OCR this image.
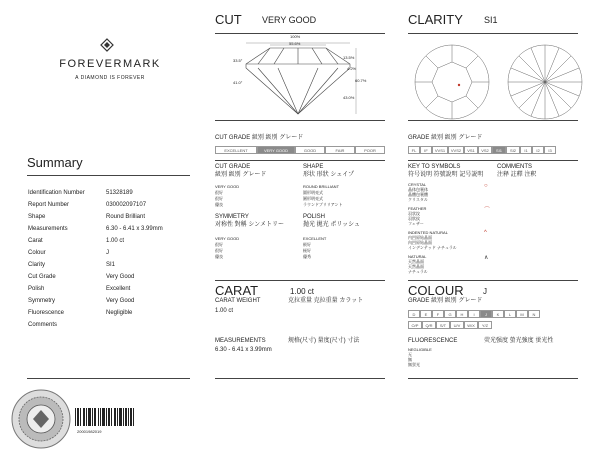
FOREVERMARK
A DIAMOND IS FOREVER
Summary
Identification Number	51328189
Report Number	030002097107
Shape	Round Brilliant
Measurements	6.30 - 6.41 x 3.99mm
Carat	1.00 ct
Colour	J
Clarity	SI1
Cut Grade	Very Good
Polish	Excellent
Symmetry	Very Good
Fluorescence	Negligible
Comments
20001982019
CUT VERY GOOD
100%
55.6%
33.5°
13.5%
4.2%
41.0°	60.7%
43.0%
CUT GRADE 級別 級別 グレード
EXCELLENT	VERY GOOD	GOOD	FAIR	POOR
CUT GRADE
級別 級別 グレード
VERY GOOD
很好
很好
優良
SHAPE
形状 形狀 シェイプ
ROUND BRILLIANT
圆形明亮式
圓形明亮式
ラウンドブリリアント
SYMMETRY
对称性 對稱 シンメトリー
VERY GOOD
很好
很好
優良
POLISH
抛光 拋光 ポリッシュ
EXCELLENT
极好
極好
優秀
CARAT	1.00 ct
CARAT WEIGHT	克拉重量 克拉重量 カラット
1.00 ct
MEASUREMENTS	规格(尺寸) 量度(尺寸) 寸法
6.30 - 6.41 x 3.99mm
CLARITY SI1
GRADE 級別 級別 グレード
FL	IF	VVS1	VVS2	VS1	VS2	SI1	SI2	I1	I2	I3
KEY TO SYMBOLS
符号说明 符號說明 記号説明
COMMENTS
注释 註釋 注釈
CRYSTAL
晶体包裹体
晶體包裹體
クリスタル
○
FEATHER
羽状纹
羽狀紋
フェザー
⌒
INDENTED NATURAL
内凹原始晶面
內凹原始晶面
インデンテッド ナチュラル
^
NATURAL
天然晶面
天然晶面
ナチュラル
∧
COLOUR J
GRADE 級別 級別 グレード
D	E	F	G	H	I	J	K	L	M	N
O/P	Q/R	S/T	U/V	W/X	Y/Z
FLUORESCENCE	荧光强度 螢光強度 蛍光性
NEGLIGIBLE
无
無
無蛍光
